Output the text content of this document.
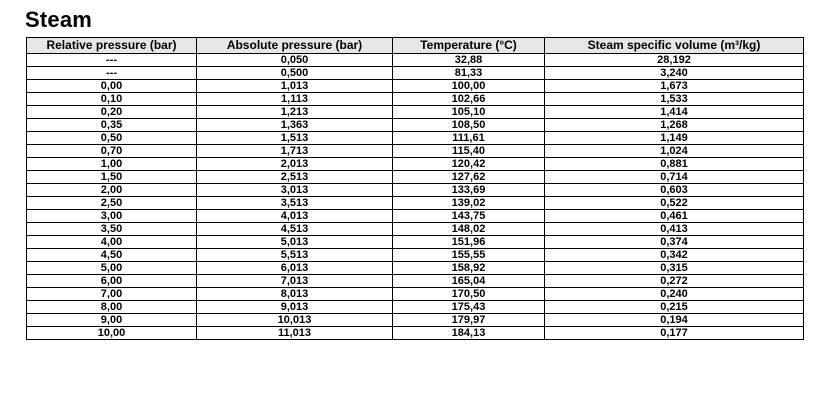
Steam
Relative pressure (bar)	Absolute pressure (bar)	Temperature (°C)	Steam specific volume (m³/kg)
---	0,050	32,88	28,192
---	0,500	81,33	3,240
0,00	1,013	100,00	1,673
0,10	1,113	102,66	1,533
0,20	1,213	105,10	1,414
0,35	1,363	108,50	1,268
0,50	1,513	111,61	1,149
0,70	1,713	115,40	1,024
1,00	2,013	120,42	0,881
1,50	2,513	127,62	0,714
2,00	3,013	133,69	0,603
2,50	3,513	139,02	0,522
3,00	4,013	143,75	0,461
3,50	4,513	148,02	0,413
4,00	5,013	151,96	0,374
4,50	5,513	155,55	0,342
5,00	6,013	158,92	0,315
6,00	7,013	165,04	0,272
7,00	8,013	170,50	0,240
8,00	9,013	175,43	0,215
9,00	10,013	179,97	0,194
10,00	11,013	184,13	0,177
